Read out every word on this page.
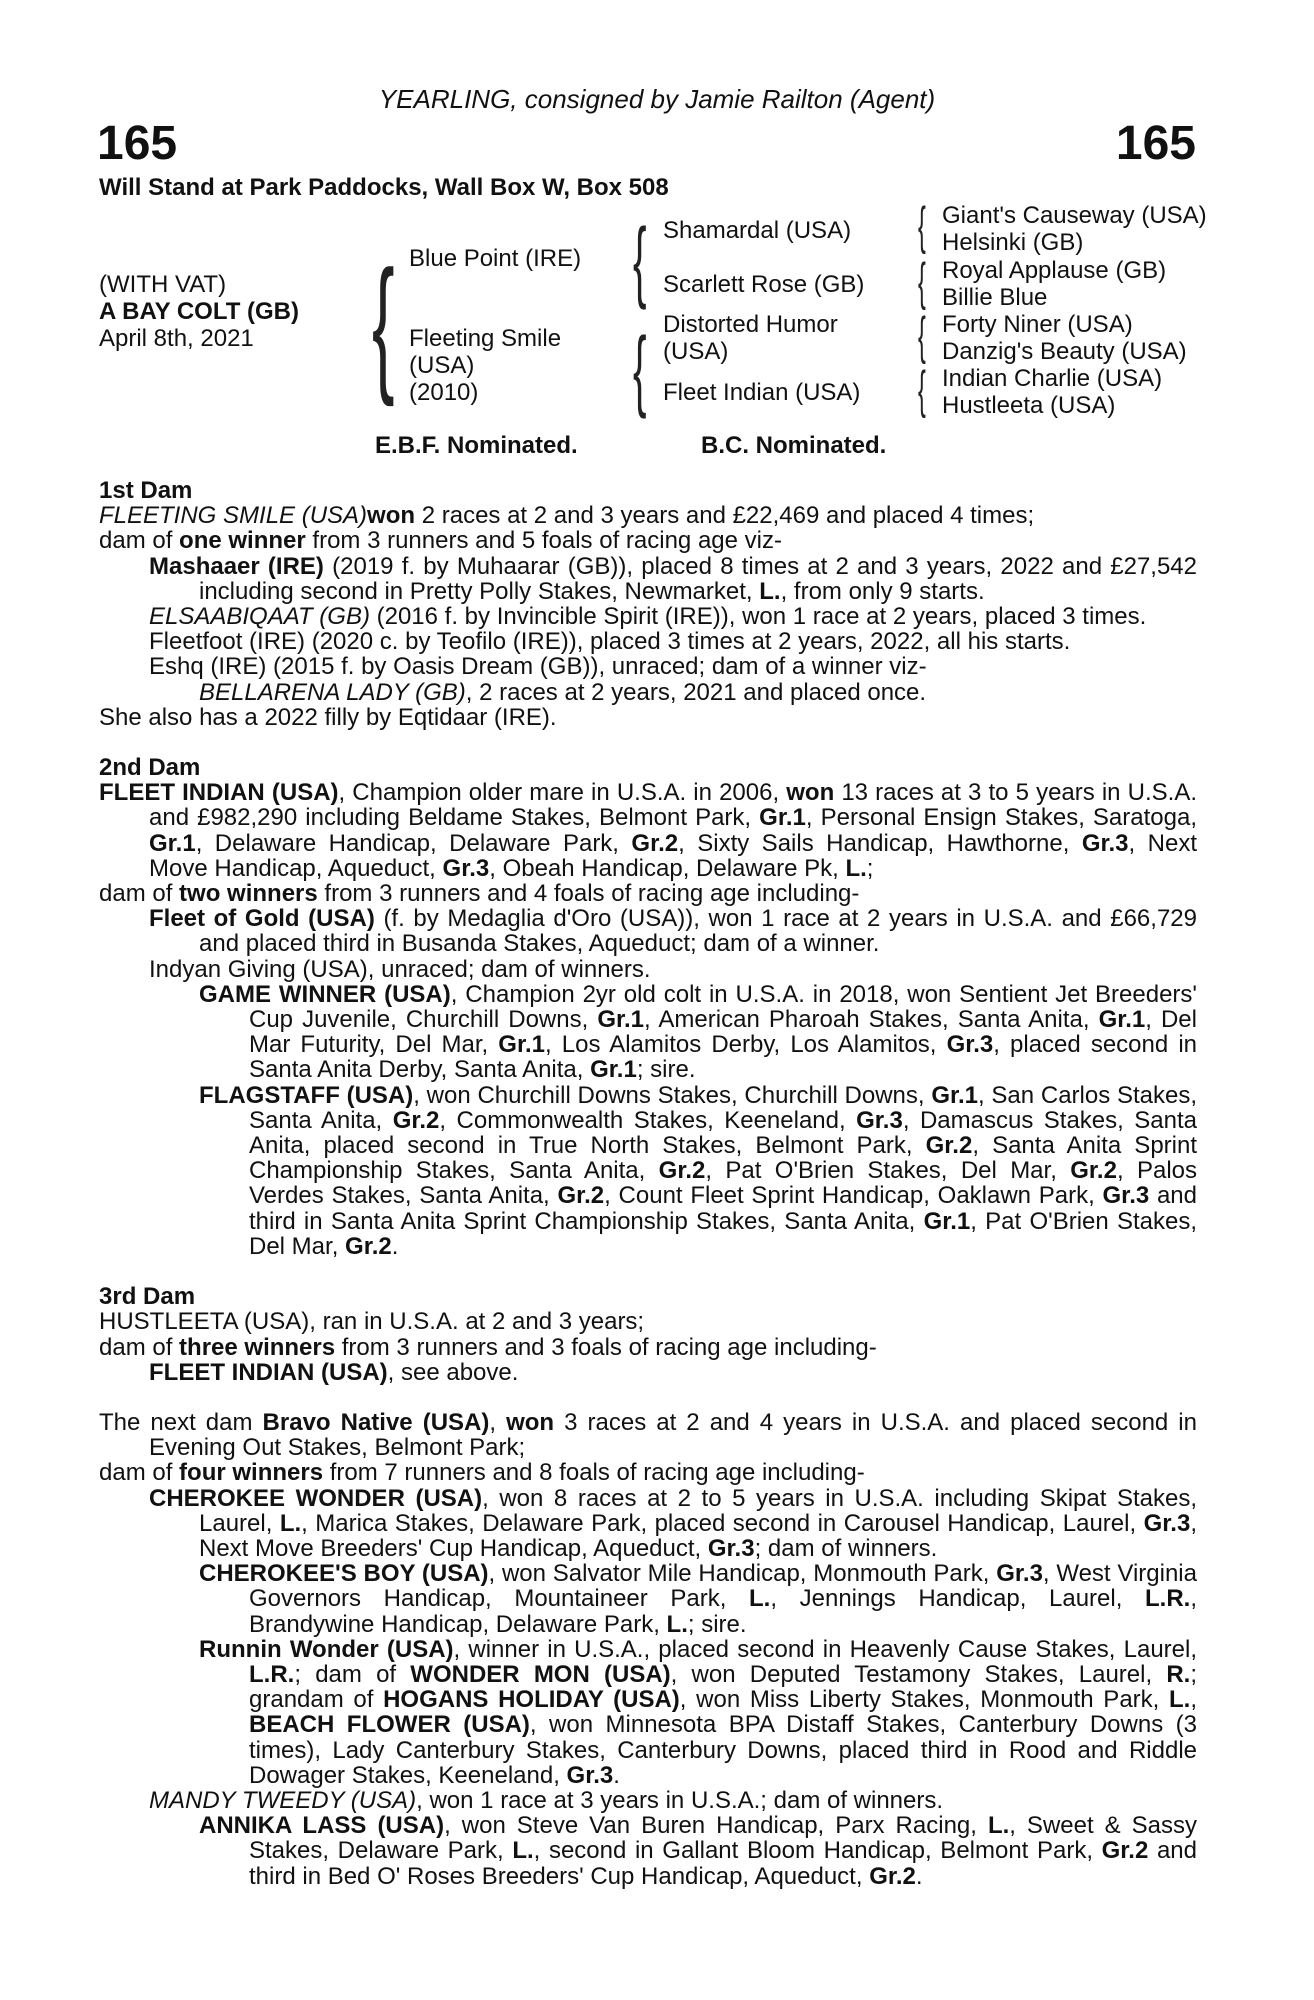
YEARLING, consigned by Jamie Railton (Agent)
165	165
Will Stand at Park Paddocks, Wall Box W, Box 508
(WITH VAT)
A BAY COLT (GB)
April 8th, 2021 { Blue Point (IRE)
Fleeting Smile
(USA)
(2010)
{ Shamardal (USA)
Scarlett Rose (GB)
{ Distorted Humor
(USA)
Fleet Indian (USA)
{ Giant's Causeway (USA)
Helsinki (GB)
{ Royal Applause (GB)
Billie Blue
{ Forty Niner (USA)
Danzig's Beauty (USA)
{ Indian Charlie (USA)
Hustleeta (USA)
E.B.F. Nominated.	B.C. Nominated.

1st Dam

FLEETING SMILE (USA)won 2 races at 2 and 3 years and £22,469 and placed 4 times;

dam of one winner from 3 runners and 5 foals of racing age viz-

Mashaaer (IRE) (2019 f. by Muhaarar (GB)), placed 8 times at 2 and 3 years, 2022 and £27,542 including second in Pretty Polly Stakes, Newmarket, L., from only 9 starts.

ELSAABIQAAT (GB) (2016 f. by Invincible Spirit (IRE)), won 1 race at 2 years, placed 3 times.

Fleetfoot (IRE) (2020 c. by Teofilo (IRE)), placed 3 times at 2 years, 2022, all his starts.

Eshq (IRE) (2015 f. by Oasis Dream (GB)), unraced; dam of a winner viz-

BELLARENA LADY (GB), 2 races at 2 years, 2021 and placed once.

She also has a 2022 filly by Eqtidaar (IRE).

2nd Dam

FLEET INDIAN (USA), Champion older mare in U.S.A. in 2006, won 13 races at 3 to 5 years in U.S.A. and £982,290 including Beldame Stakes, Belmont Park, Gr.1, Personal Ensign Stakes, Saratoga, Gr.1, Delaware Handicap, Delaware Park, Gr.2, Sixty Sails Handicap, Hawthorne, Gr.3, Next Move Handicap, Aqueduct, Gr.3, Obeah Handicap, Delaware Pk, L.;

dam of two winners from 3 runners and 4 foals of racing age including-

Fleet of Gold (USA) (f. by Medaglia d'Oro (USA)), won 1 race at 2 years in U.S.A. and £66,729 and placed third in Busanda Stakes, Aqueduct; dam of a winner.

Indyan Giving (USA), unraced; dam of winners.

GAME WINNER (USA), Champion 2yr old colt in U.S.A. in 2018, won Sentient Jet Breeders' Cup Juvenile, Churchill Downs, Gr.1, American Pharoah Stakes, Santa Anita, Gr.1, Del Mar Futurity, Del Mar, Gr.1, Los Alamitos Derby, Los Alamitos, Gr.3, placed second in Santa Anita Derby, Santa Anita, Gr.1; sire.

FLAGSTAFF (USA), won Churchill Downs Stakes, Churchill Downs, Gr.1, San Carlos Stakes, Santa Anita, Gr.2, Commonwealth Stakes, Keeneland, Gr.3, Damascus Stakes, Santa Anita, placed second in True North Stakes, Belmont Park, Gr.2, Santa Anita Sprint Championship Stakes, Santa Anita, Gr.2, Pat O'Brien Stakes, Del Mar, Gr.2, Palos Verdes Stakes, Santa Anita, Gr.2, Count Fleet Sprint Handicap, Oaklawn Park, Gr.3 and third in Santa Anita Sprint Championship Stakes, Santa Anita, Gr.1, Pat O'Brien Stakes, Del Mar, Gr.2.

3rd Dam

HUSTLEETA (USA), ran in U.S.A. at 2 and 3 years;

dam of three winners from 3 runners and 3 foals of racing age including-

FLEET INDIAN (USA), see above.

The next dam Bravo Native (USA), won 3 races at 2 and 4 years in U.S.A. and placed second in Evening Out Stakes, Belmont Park;

dam of four winners from 7 runners and 8 foals of racing age including-

CHEROKEE WONDER (USA), won 8 races at 2 to 5 years in U.S.A. including Skipat Stakes, Laurel, L., Marica Stakes, Delaware Park, placed second in Carousel Handicap, Laurel, Gr.3, Next Move Breeders' Cup Handicap, Aqueduct, Gr.3; dam of winners.

CHEROKEE'S BOY (USA), won Salvator Mile Handicap, Monmouth Park, Gr.3, West Virginia Governors Handicap, Mountaineer Park, L., Jennings Handicap, Laurel, L.R., Brandywine Handicap, Delaware Park, L.; sire.

Runnin Wonder (USA), winner in U.S.A., placed second in Heavenly Cause Stakes, Laurel, L.R.; dam of WONDER MON (USA), won Deputed Testamony Stakes, Laurel, R.; grandam of HOGANS HOLIDAY (USA), won Miss Liberty Stakes, Monmouth Park, L., BEACH FLOWER (USA), won Minnesota BPA Distaff Stakes, Canterbury Downs (3 times), Lady Canterbury Stakes, Canterbury Downs, placed third in Rood and Riddle Dowager Stakes, Keeneland, Gr.3.

MANDY TWEEDY (USA), won 1 race at 3 years in U.S.A.; dam of winners.

ANNIKA LASS (USA), won Steve Van Buren Handicap, Parx Racing, L., Sweet & Sassy Stakes, Delaware Park, L., second in Gallant Bloom Handicap, Belmont Park, Gr.2 and third in Bed O' Roses Breeders' Cup Handicap, Aqueduct, Gr.2.
